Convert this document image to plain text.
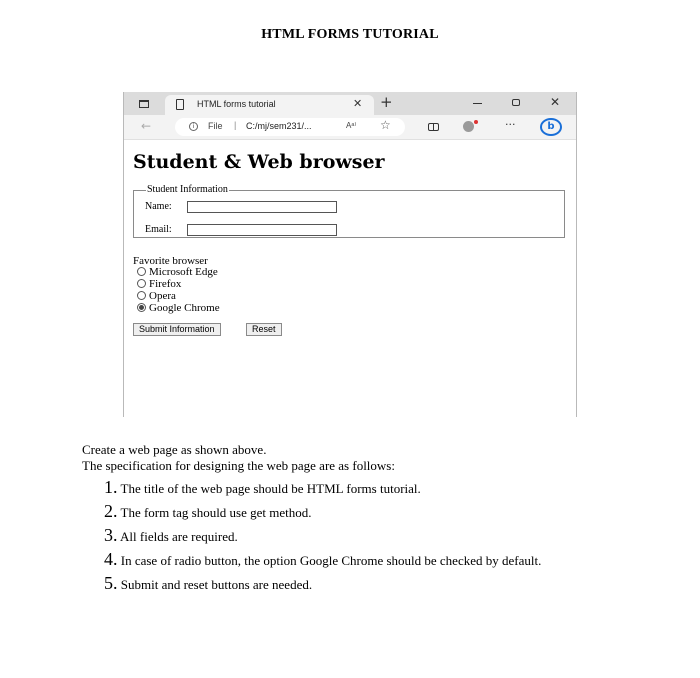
HTML FORMS TUTORIAL
HTML forms tutorial	✕ +	✕
←	i	File | C:/mj/sem231/...	Aᵃ⁾ ☆	···	b
Student & Web browser
Student Information
Name:
Email:
Favorite browser
Microsoft Edge
Firefox
Opera
Google Chrome
Submit Information	Reset
Create a web page as shown above.
The specification for designing the web page are as follows:
1. The title of the web page should be HTML forms tutorial.
2. The form tag should use get method.
3. All fields are required.
4. In case of radio button, the option Google Chrome should be checked by default.
5. Submit and reset buttons are needed.
